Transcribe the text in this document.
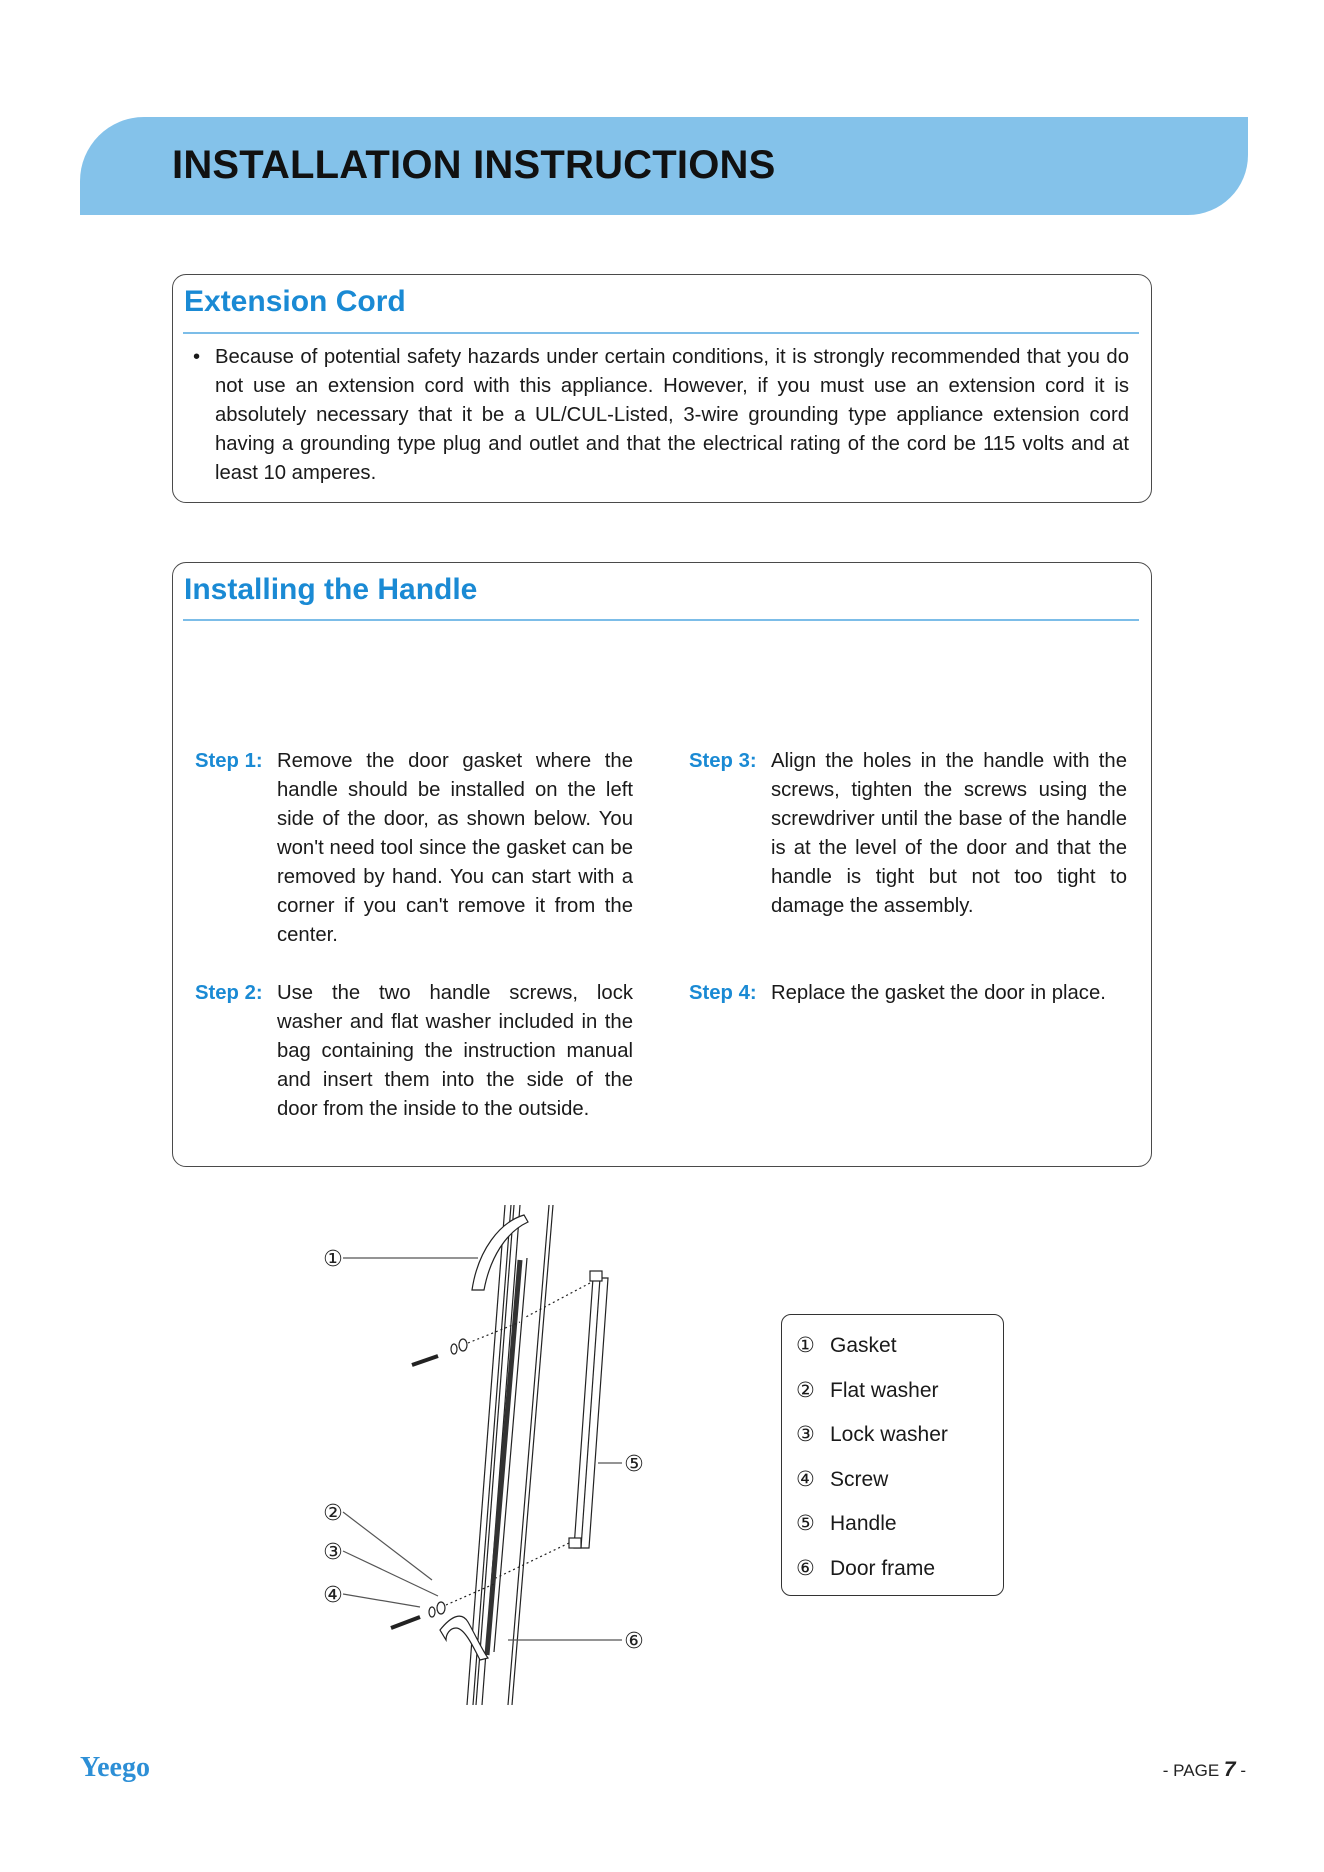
INSTALLATION INSTRUCTIONS
Extension Cord
• Because of potential safety hazards under certain conditions, it is strongly recommended that you do not use an extension cord with this appliance. However, if you must use an extension cord it is absolutely necessary that it be a UL/CUL-Listed, 3-wire grounding type appliance extension cord having a grounding type plug and outlet and that the electrical rating of the cord be 115 volts and at least 10 amperes.
Installing the Handle
Step 1: Remove the door gasket where the handle should be installed on the left side of the door, as shown below. You won't need tool since the gasket can be removed by hand. You can start with a corner if you can't remove it from the center.
Step 2: Use the two handle screws, lock washer and flat washer included in the bag containing the instruction manual and insert them into the side of the door from the inside to the outside.
Step 3: Align the holes in the handle with the screws, tighten the screws using the screwdriver until the base of the handle is at the level of the door and that the handle is tight but not too tight to damage the assembly.
Step 4: Replace the gasket the door in place.
①
②
③
④
⑤
⑥
① Gasket
② Flat washer
③ Lock washer
④ Screw
⑤ Handle
⑥ Door frame

Yeego	- PAGE 7 -
